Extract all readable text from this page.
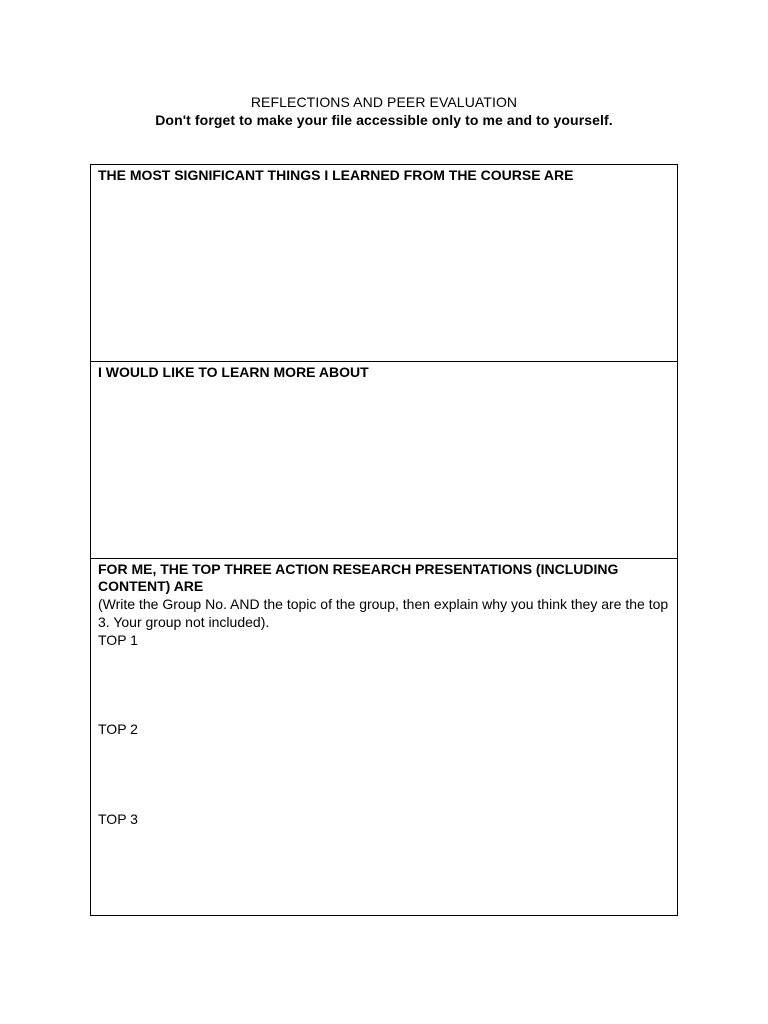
REFLECTIONS AND PEER EVALUATION
Don't forget to make your file accessible only to me and to yourself.
THE MOST SIGNIFICANT THINGS I LEARNED FROM THE COURSE ARE
I WOULD LIKE TO LEARN MORE ABOUT
FOR ME, THE TOP THREE ACTION RESEARCH PRESENTATIONS (INCLUDING CONTENT) ARE
(Write the Group No. AND the topic of the group, then explain why you think they are the top 3. Your group not included).
TOP 1
TOP 2
TOP 3
